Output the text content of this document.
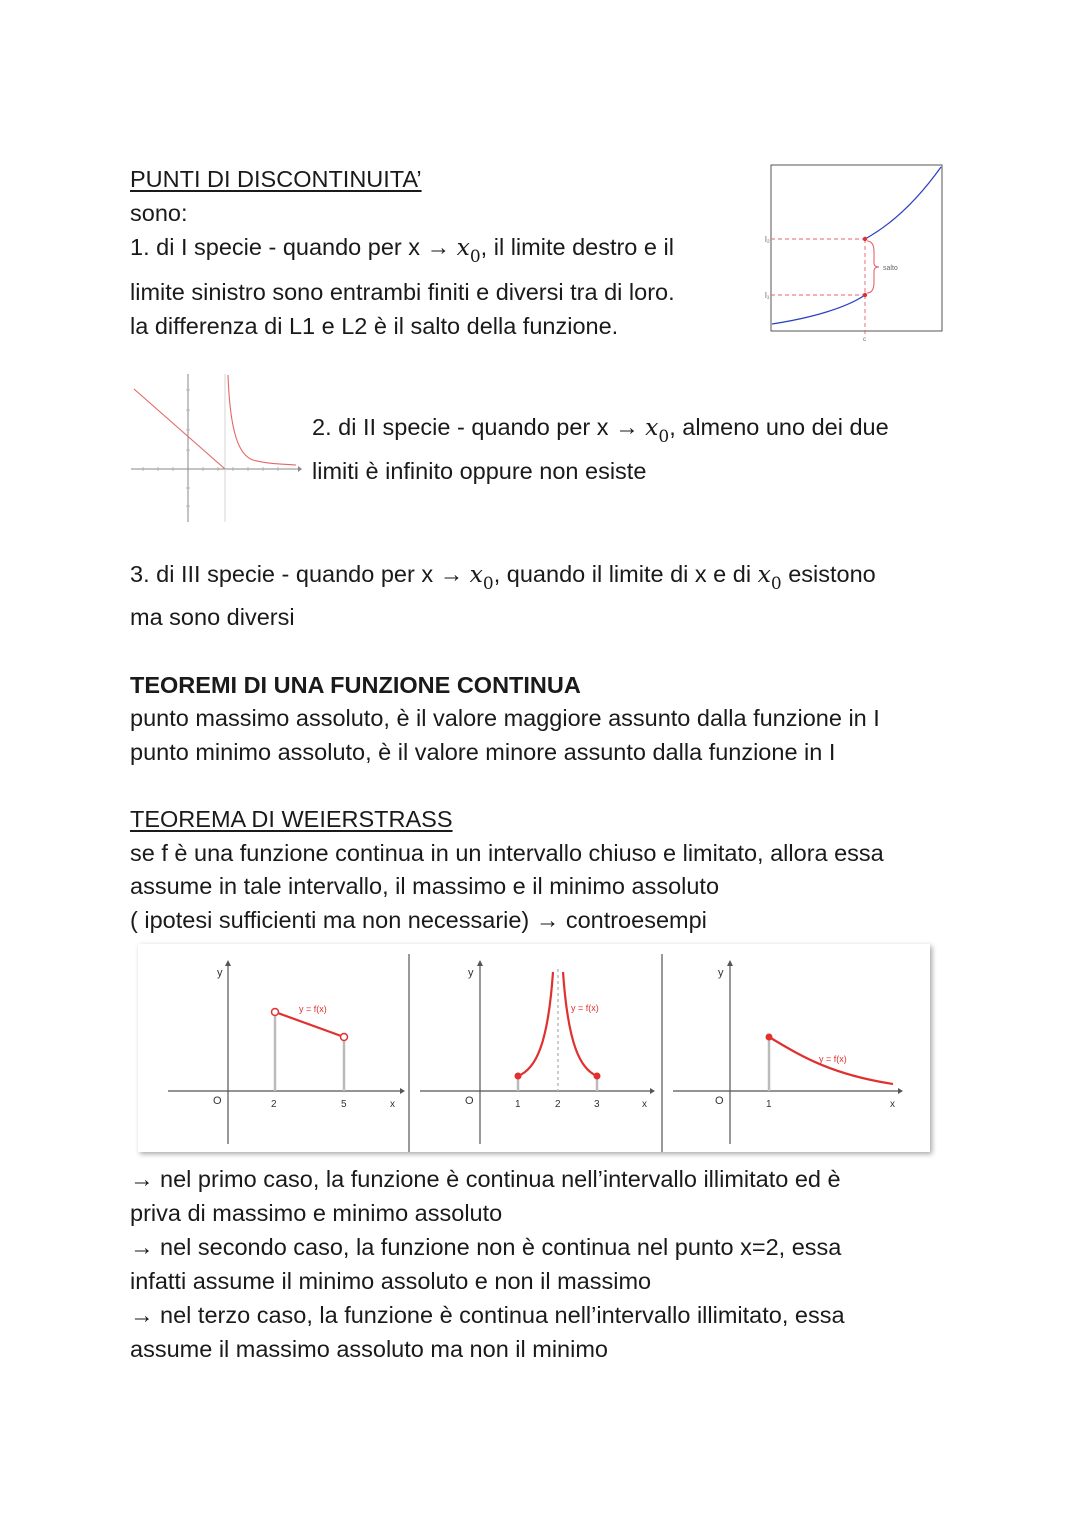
PUNTI DI DISCONTINUITA’
sono:
1. di I specie - quando per $x \to x_0$, il limite destro e il
limite sinistro sono entrambi finiti e diversi tra di loro.
la differenza di L1 e L2 è il salto della funzione.
l₂
l₁
salto
c
2. di II specie - quando per $x \to x_0$, almeno uno dei due
limiti è infinito oppure non esiste
3. di III specie - quando per $x \to x_0$, quando il limite di x e di $x_0$ esistono
ma sono diversi
TEOREMI DI UNA FUNZIONE CONTINUA
punto massimo assoluto, è il valore maggiore assunto dalla funzione in I
punto minimo assoluto, è il valore minore assunto dalla funzione in I
TEOREMA DI WEIERSTRASS
se f è una funzione continua in un intervallo chiuso e limitato, allora essa
assume in tale intervallo, il massimo e il minimo assoluto
( ipotesi sufficienti ma non necessarie) → controesempi
y
O	2	5	x
y = f(x)
y
O	1	2	3	x
y = f(x)
y
O	1	x
y = f(x)
→ nel primo caso, la funzione è continua nell’intervallo illimitato ed è
priva di massimo e minimo assoluto
→ nel secondo caso, la funzione non è continua nel punto x=2, essa
infatti assume il minimo assoluto e non il massimo
→ nel terzo caso, la funzione è continua nell’intervallo illimitato, essa
assume il massimo assoluto ma non il minimo
